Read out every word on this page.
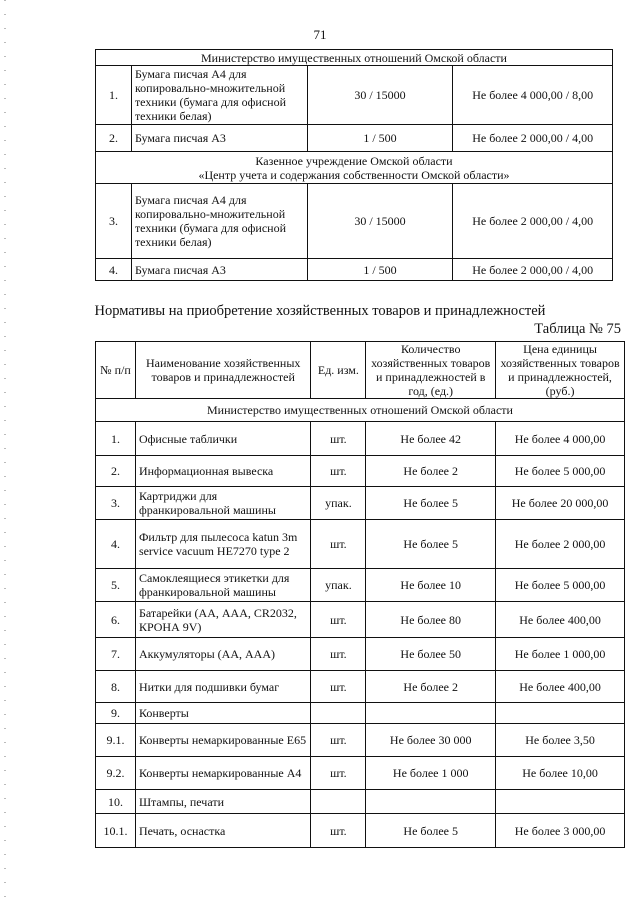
71
Министерство имущественных отношений Омской области			
1.	Бумага писчая А4 для копировально-множительной техники (бумага для офисной техники белая)	30 / 15000	Не более 4 000,00 / 8,00
2.	Бумага писчая А3	1 / 500	Не более 2 000,00 / 4,00

Казенное учреждение Омской области
«Центр учета и содержания собственности Омской области»			

3.	Бумага писчая А4 для копировально-множительной техники (бумага для офисной техники белая)	30 / 15000	Не более 2 000,00 / 4,00
4.	Бумага писчая А3	1 / 500	Не более 2 000,00 / 4,00
Нормативы на приобретение хозяйственных товаров и принадлежностей
Таблица № 75
№ п/п	Наименование хозяйственных товаров и принадлежностей	Ед. изм.	Количество хозяйственных товаров и принадлежностей в год, (ед.)	Цена единицы хозяйственных товаров и принадлежностей, (руб.)
Министерство имущественных отношений Омской области				
1.	Офисные таблички	шт.	Не более 42	Не более 4 000,00
2.	Информационная вывеска	шт.	Не более 2	Не более 5 000,00
3.	Картриджи для франкировальной машины	упак.	Не более 5	Не более 20 000,00
4.	Фильтр для пылесоса katun 3m service vacuum НЕ7270 type 2	шт.	Не более 5	Не более 2 000,00
5.	Самоклеящиеся этикетки для франкировальной машины	упак.	Не более 10	Не более 5 000,00
6.	Батарейки (АА, ААА, CR2032, КРОНА 9V)	шт.	Не более 80	Не более 400,00
7.	Аккумуляторы (АА, ААА)	шт.	Не более 50	Не более 1 000,00
8.	Нитки для подшивки бумаг	шт.	Не более 2	Не более 400,00
9.	Конверты			
9.1.	Конверты немаркированные Е65	шт.	Не более 30 000	Не более 3,50
9.2.	Конверты немаркированные А4	шт.	Не более 1 000	Не более 10,00
10.	Штампы, печати			
10.1.	Печать, оснастка	шт.	Не более 5	Не более 3 000,00
